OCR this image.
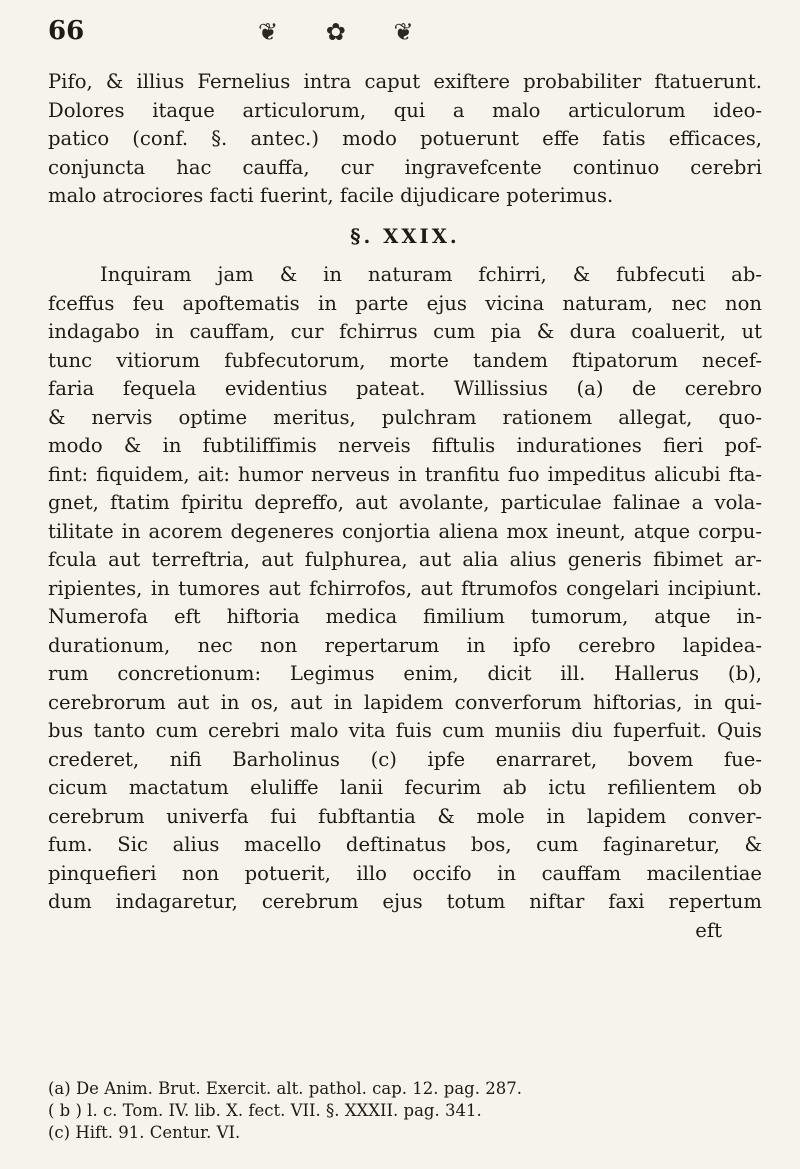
66	❦ ✿ ❦
Pifo, & illius Fernelius intra caput exiftere probabiliter ftatuerunt.
Dolores itaque articulorum, qui a malo articulorum ideo-
patico (conf. §. antec.) modo potuerunt effe fatis efficaces,
conjuncta hac cauffa, cur ingravefcente continuo cerebri
malo atrociores facti fuerint, facile dijudicare poterimus.
§. XXIX.
Inquiram jam & in naturam fchirri, & fubfecuti ab-
fceffus feu apoftematis in parte ejus vicina naturam, nec non
indagabo in cauffam, cur fchirrus cum pia & dura coaluerit, ut
tunc vitiorum fubfecutorum, morte tandem ftipatorum necef-
faria fequela evidentius pateat. Willissius (a) de cerebro
& nervis optime meritus, pulchram rationem allegat, quo-
modo & in fubtiliffimis nerveis fiftulis indurationes fieri pof-
fint: fiquidem, ait: humor nerveus in tranfitu fuo impeditus alicubi fta-
gnet, ftatim fpiritu depreffo, aut avolante, particulae falinae a vola-
tilitate in acorem degeneres conjortia aliena mox ineunt, atque corpu-
fcula aut terreftria, aut fulphurea, aut alia alius generis fibimet ar-
ripientes, in tumores aut fchirrofos, aut ftrumofos congelari incipiunt.
Numerofa eft hiftoria medica fimilium tumorum, atque in-
durationum, nec non repertarum in ipfo cerebro lapidea-
rum concretionum: Legimus enim, dicit ill. Hallerus (b),
cerebrorum aut in os, aut in lapidem converforum hiftorias, in qui-
bus tanto cum cerebri malo vita fuis cum muniis diu fuperfuit. Quis
crederet, nifi Barholinus (c) ipfe enarraret, bovem fue-
cicum mactatum eluliffe lanii fecurim ab ictu refilientem ob
cerebrum univerfa fui fubftantia & mole in lapidem conver-
fum. Sic alius macello deftinatus bos, cum faginaretur, &
pinquefieri non potuerit, illo occifo in cauffam macilentiae
dum indagaretur, cerebrum ejus totum niftar faxi repertum
eft
(a) De Anim. Brut. Exercit. alt. pathol. cap. 12. pag. 287.
( b ) l. c. Tom. IV. lib. X. fect. VII. §. XXXII. pag. 341.
(c) Hift. 91. Centur. VI.
